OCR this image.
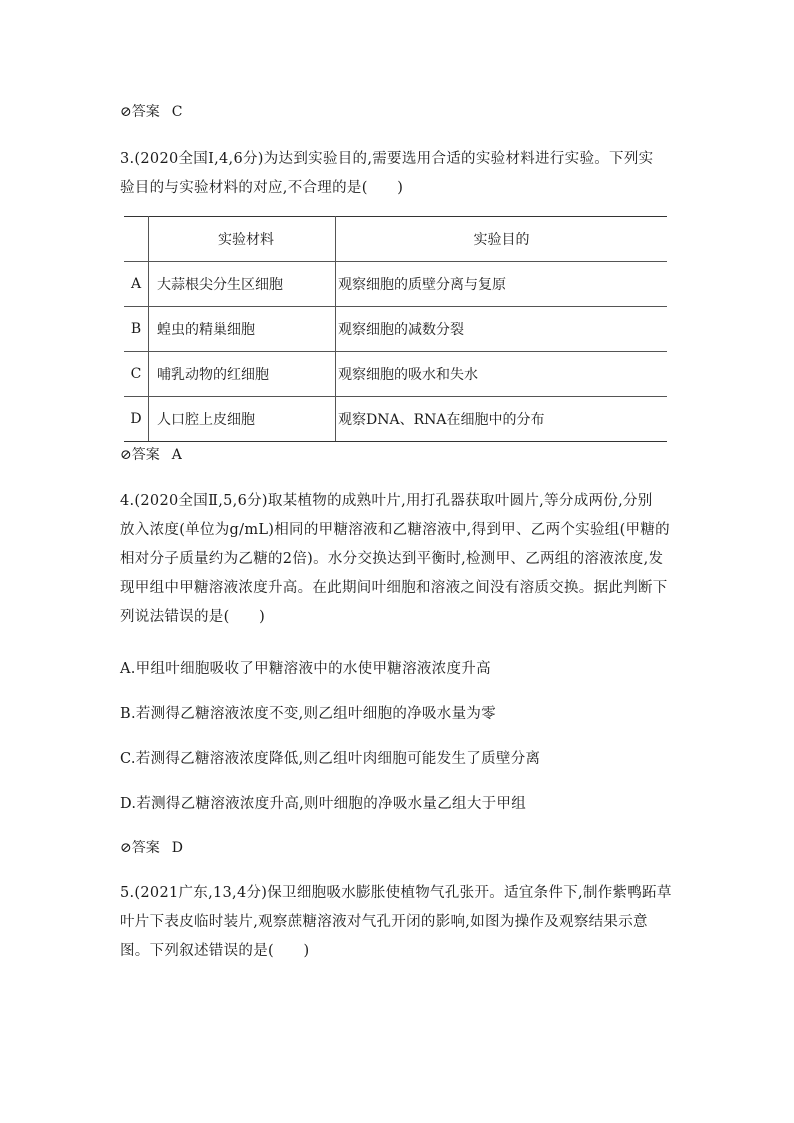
⊘答案 C
3.(2020全国Ⅰ,4,6分)为达到实验目的,需要选用合适的实验材料进行实验。下列实
验目的与实验材料的对应,不合理的是(　　)
	实验材料	实验目的
A	大蒜根尖分生区细胞	观察细胞的质壁分离与复原
B	蝗虫的精巢细胞	观察细胞的减数分裂
C	哺乳动物的红细胞	观察细胞的吸水和失水
D	人口腔上皮细胞	观察DNA、RNA在细胞中的分布
⊘答案 A
4.(2020全国Ⅱ,5,6分)取某植物的成熟叶片,用打孔器获取叶圆片,等分成两份,分别
放入浓度(单位为g/mL)相同的甲糖溶液和乙糖溶液中,得到甲、乙两个实验组(甲糖的
相对分子质量约为乙糖的2倍)。水分交换达到平衡时,检测甲、乙两组的溶液浓度,发
现甲组中甲糖溶液浓度升高。在此期间叶细胞和溶液之间没有溶质交换。据此判断下
列说法错误的是(　　)
A.甲组叶细胞吸收了甲糖溶液中的水使甲糖溶液浓度升高
B.若测得乙糖溶液浓度不变,则乙组叶细胞的净吸水量为零
C.若测得乙糖溶液浓度降低,则乙组叶肉细胞可能发生了质壁分离
D.若测得乙糖溶液浓度升高,则叶细胞的净吸水量乙组大于甲组
⊘答案 D
5.(2021广东,13,4分)保卫细胞吸水膨胀使植物气孔张开。适宜条件下,制作紫鸭跖草
叶片下表皮临时装片,观察蔗糖溶液对气孔开闭的影响,如图为操作及观察结果示意
图。下列叙述错误的是(　　)
